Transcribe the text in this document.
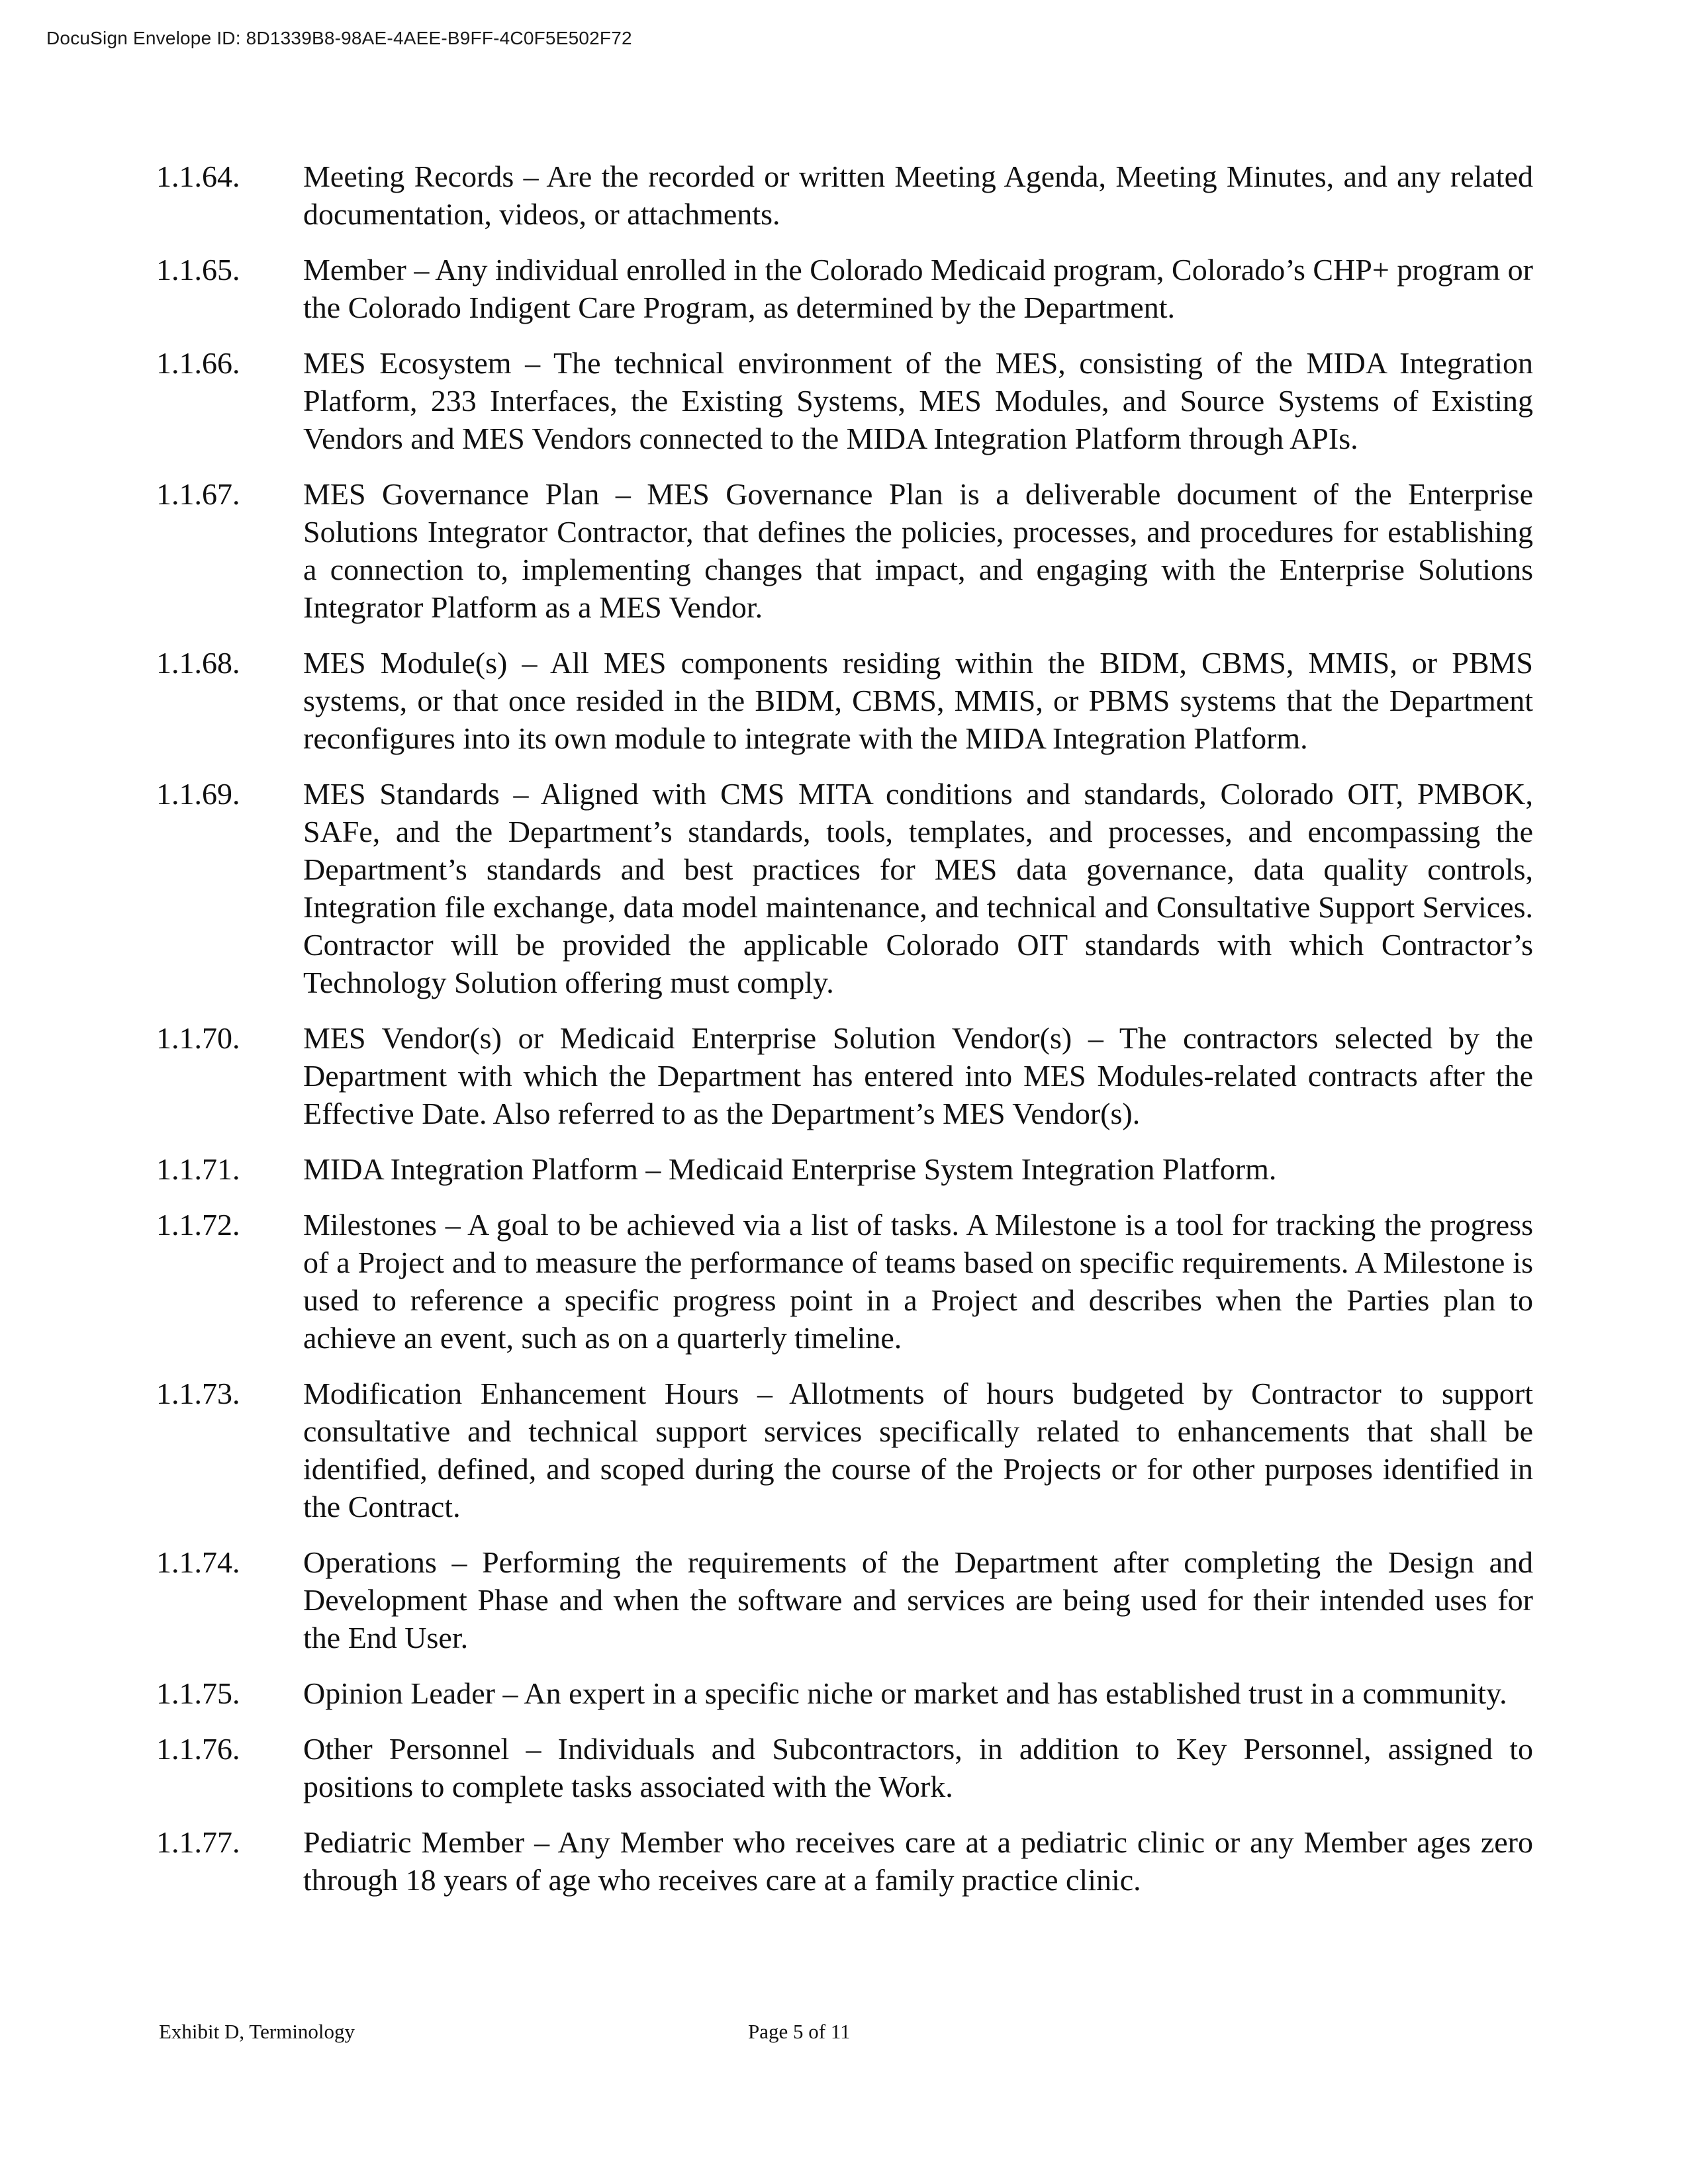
DocuSign Envelope ID: 8D1339B8-98AE-4AEE-B9FF-4C0F5E502F72
1.1.64.	Meeting Records – Are the recorded or written Meeting Agenda, Meeting Minutes, and any related documentation, videos, or attachments.
1.1.65.	Member – Any individual enrolled in the Colorado Medicaid program, Colorado’s CHP+ program or the Colorado Indigent Care Program, as determined by the Department.
1.1.66.	MES Ecosystem – The technical environment of the MES, consisting of the MIDA Integration Platform, 233 Interfaces, the Existing Systems, MES Modules, and Source Systems of Existing Vendors and MES Vendors connected to the MIDA Integration Platform through APIs.
1.1.67.	MES Governance Plan – MES Governance Plan is a deliverable document of the Enterprise Solutions Integrator Contractor, that defines the policies, processes, and procedures for establishing a connection to, implementing changes that impact, and engaging with the Enterprise Solutions Integrator Platform as a MES Vendor.
1.1.68.	MES Module(s) – All MES components residing within the BIDM, CBMS, MMIS, or PBMS systems, or that once resided in the BIDM, CBMS, MMIS, or PBMS systems that the Department reconfigures into its own module to integrate with the MIDA Integration Platform.
1.1.69.	MES Standards – Aligned with CMS MITA conditions and standards, Colorado OIT, PMBOK, SAFe, and the Department’s standards, tools, templates, and processes, and encompassing the Department’s standards and best practices for MES data governance, data quality controls, Integration file exchange, data model maintenance, and technical and Consultative Support Services. Contractor will be provided the applicable Colorado OIT standards with which Contractor’s Technology Solution offering must comply.
1.1.70.	MES Vendor(s) or Medicaid Enterprise Solution Vendor(s) – The contractors selected by the Department with which the Department has entered into MES Modules-related contracts after the Effective Date. Also referred to as the Department’s MES Vendor(s).
1.1.71.	MIDA Integration Platform – Medicaid Enterprise System Integration Platform.
1.1.72.	Milestones – A goal to be achieved via a list of tasks. A Milestone is a tool for tracking the progress of a Project and to measure the performance of teams based on specific requirements. A Milestone is used to reference a specific progress point in a Project and describes when the Parties plan to achieve an event, such as on a quarterly timeline.
1.1.73.	Modification Enhancement Hours – Allotments of hours budgeted by Contractor to support consultative and technical support services specifically related to enhancements that shall be identified, defined, and scoped during the course of the Projects or for other purposes identified in the Contract.
1.1.74.	Operations – Performing the requirements of the Department after completing the Design and Development Phase and when the software and services are being used for their intended uses for the End User.
1.1.75.	Opinion Leader – An expert in a specific niche or market and has established trust in a community.
1.1.76.	Other Personnel – Individuals and Subcontractors, in addition to Key Personnel, assigned to positions to complete tasks associated with the Work.
1.1.77.	Pediatric Member – Any Member who receives care at a pediatric clinic or any Member ages zero through 18 years of age who receives care at a family practice clinic.
Exhibit D, Terminology	Page 5 of 11
